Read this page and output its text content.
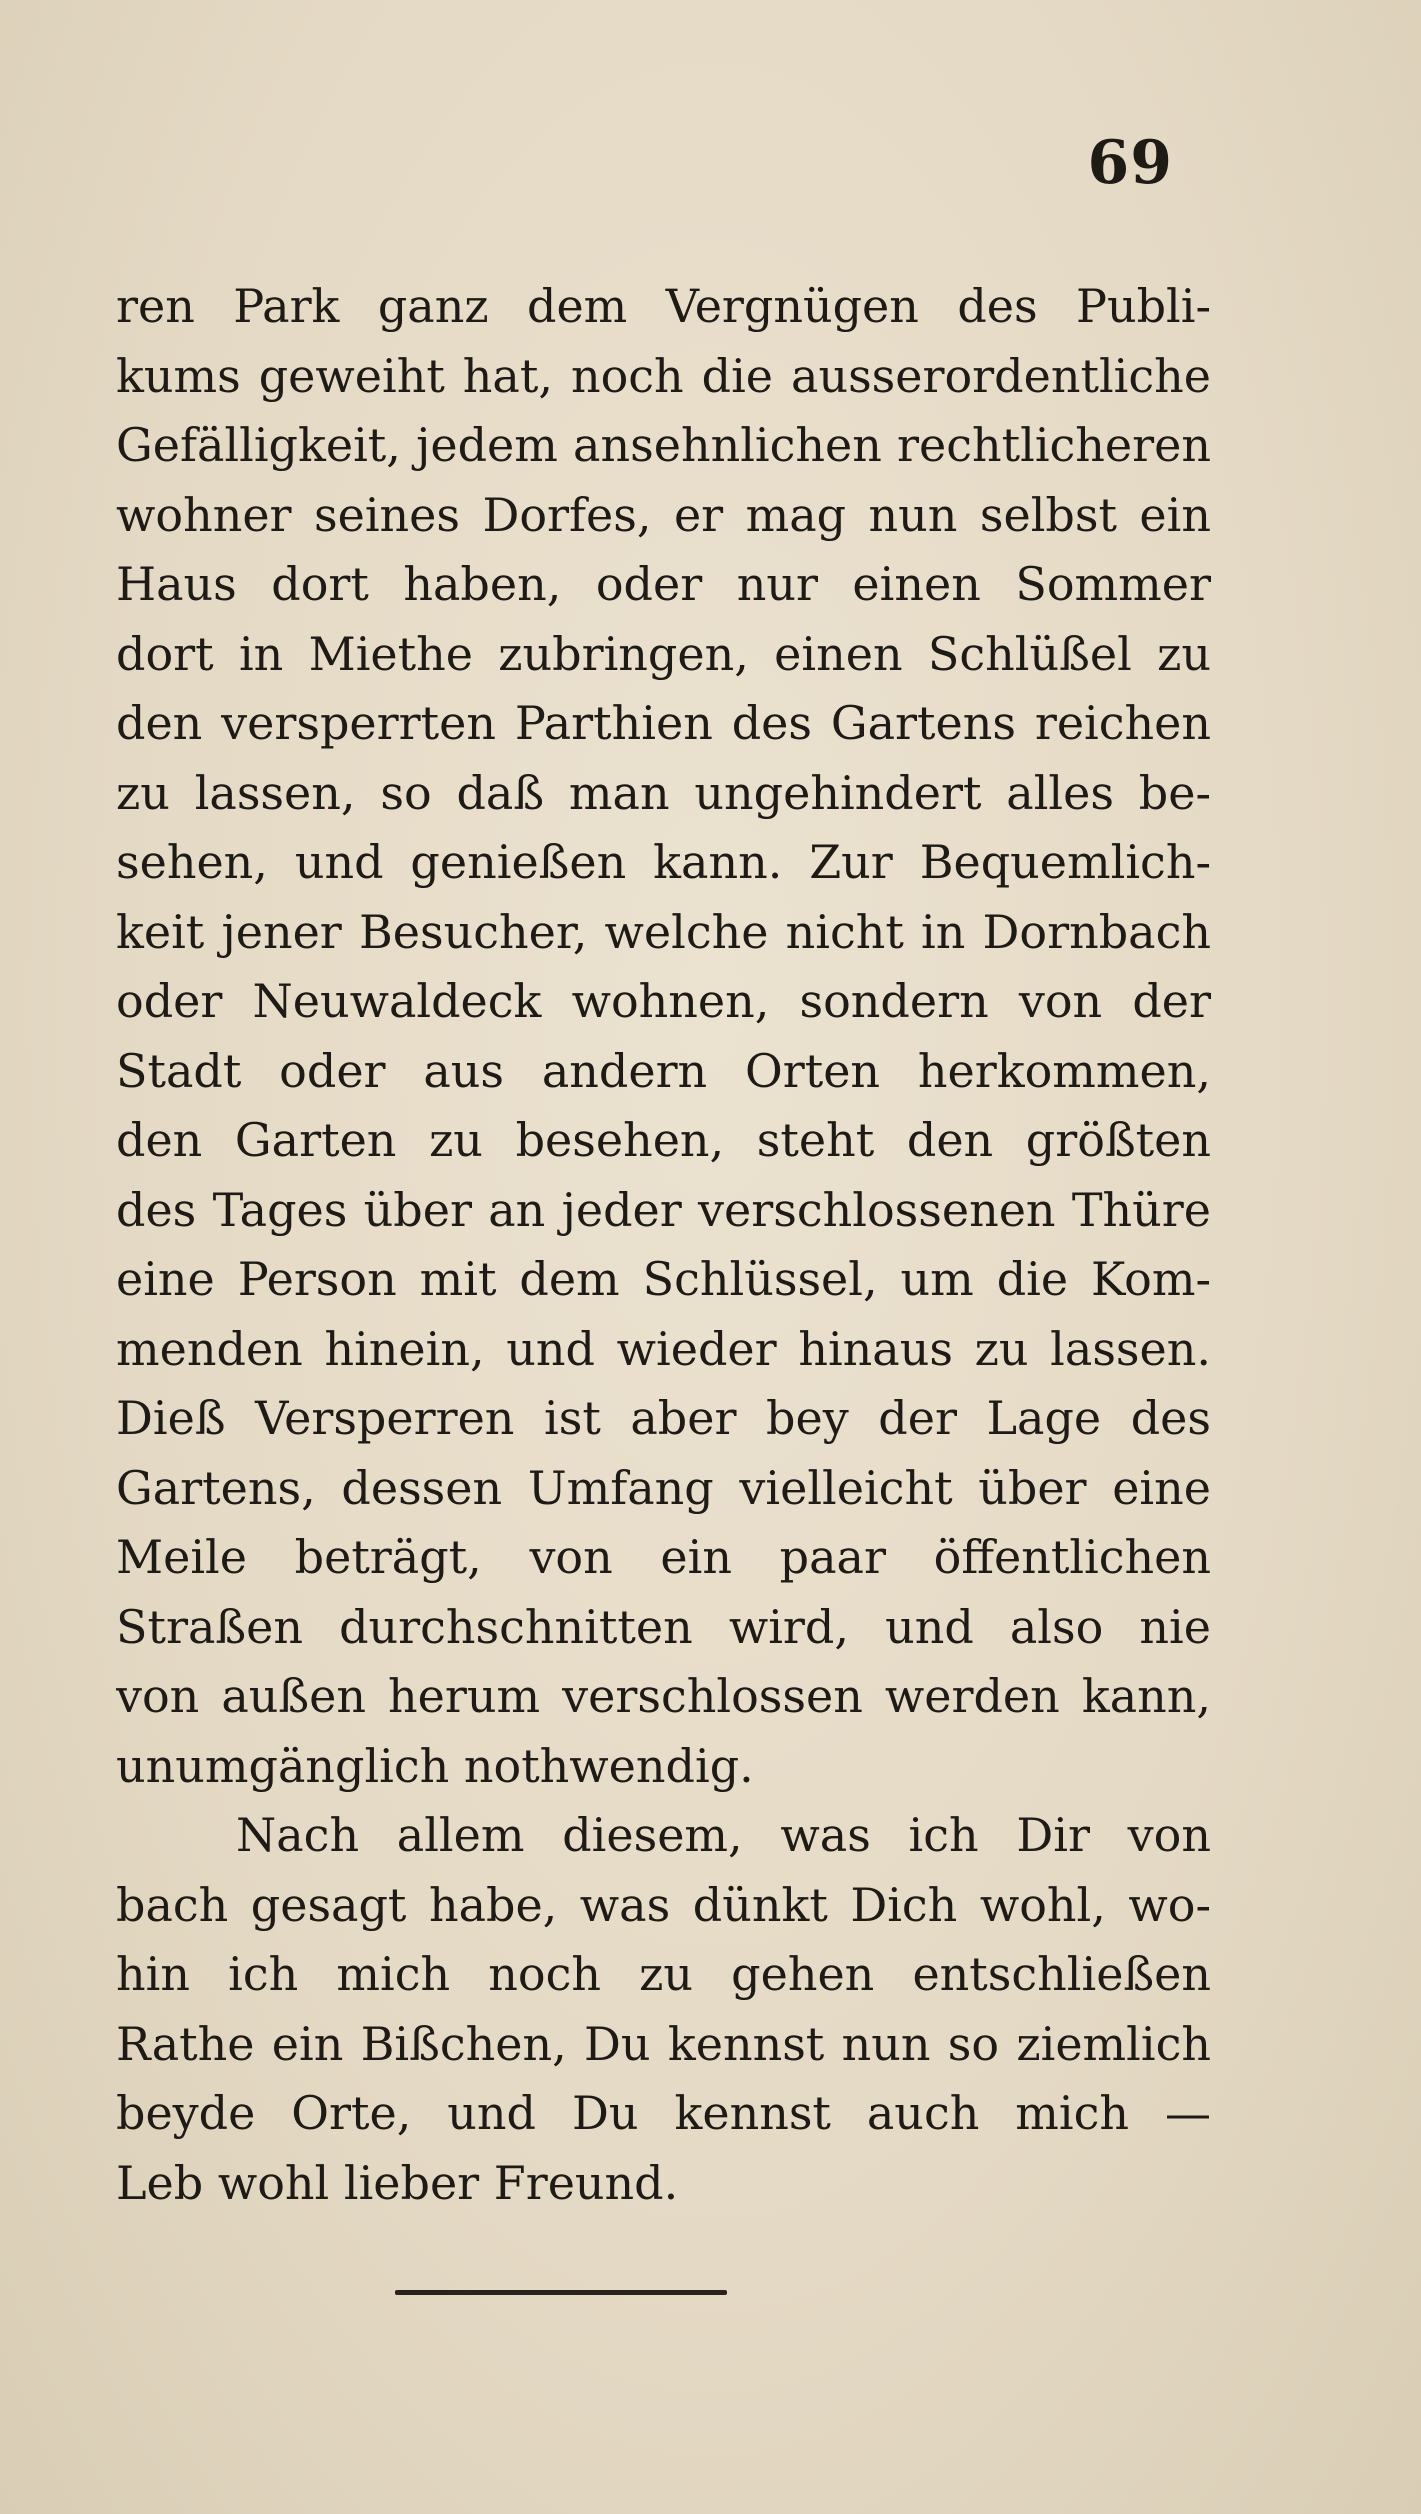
69
ren Park ganz dem Vergnügen des Publi-
kums geweiht hat, noch die ausserordentliche
Gefälligkeit, jedem ansehnlichen rechtlicheren
wohner seines Dorfes, er mag nun selbst ein
Haus dort haben, oder nur einen Sommer
dort in Miethe zubringen, einen Schlüßel zu
den versperrten Parthien des Gartens reichen
zu lassen, so daß man ungehindert alles be-
sehen, und genießen kann. Zur Bequemlich-
keit jener Besucher, welche nicht in Dornbach
oder Neuwaldeck wohnen, sondern von der
Stadt oder aus andern Orten herkommen,
den Garten zu besehen, steht den größten
des Tages über an jeder verschlossenen Thüre
eine Person mit dem Schlüssel, um die Kom-
menden hinein, und wieder hinaus zu lassen.
Dieß Versperren ist aber bey der Lage des
Gartens, dessen Umfang vielleicht über eine
Meile beträgt, von ein paar öffentlichen
Straßen durchschnitten wird, und also nie
von außen herum verschlossen werden kann,
unumgänglich nothwendig.
Nach allem diesem, was ich Dir von
bach gesagt habe, was dünkt Dich wohl, wo-
hin ich mich noch zu gehen entschließen
Rathe ein Bißchen, Du kennst nun so ziemlich
beyde Orte, und Du kennst auch mich —
Leb wohl lieber Freund.
